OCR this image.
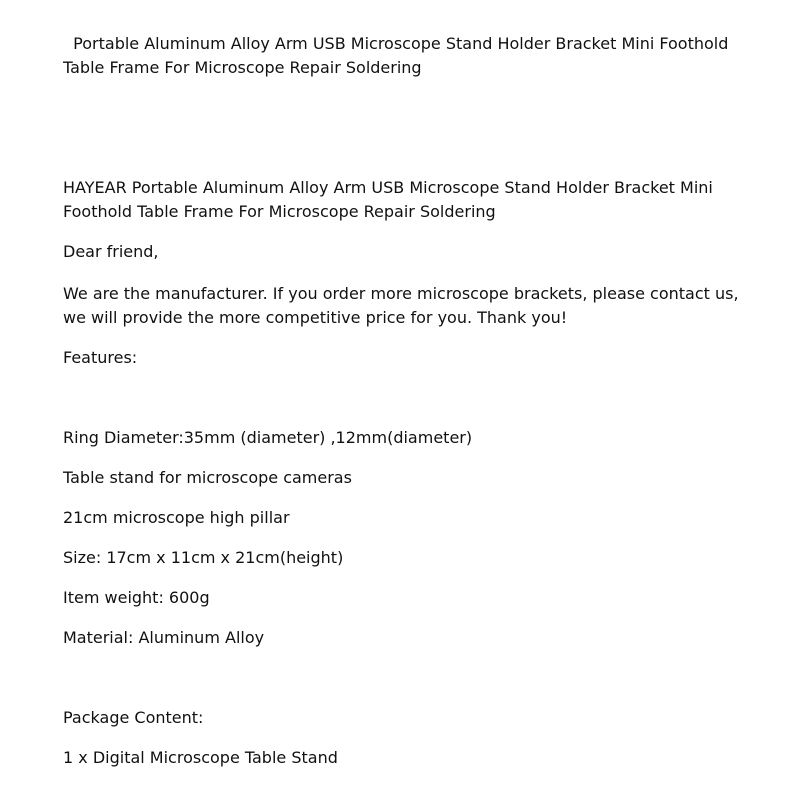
Portable Aluminum Alloy Arm USB Microscope Stand Holder Bracket Mini Foothold

Table Frame For Microscope Repair Soldering

HAYEAR Portable Aluminum Alloy Arm USB Microscope Stand Holder Bracket Mini

Foothold Table Frame For Microscope Repair Soldering

Dear friend,

We are the manufacturer. If you order more microscope brackets, please contact us,

we will provide the more competitive price for you. Thank you!

Features:

Ring Diameter:35mm (diameter) ,12mm(diameter)

Table stand for microscope cameras

21cm microscope high pillar

Size: 17cm x 11cm x 21cm(height)

Item weight: 600g

Material: Aluminum Alloy

Package Content:

1 x Digital Microscope Table Stand
